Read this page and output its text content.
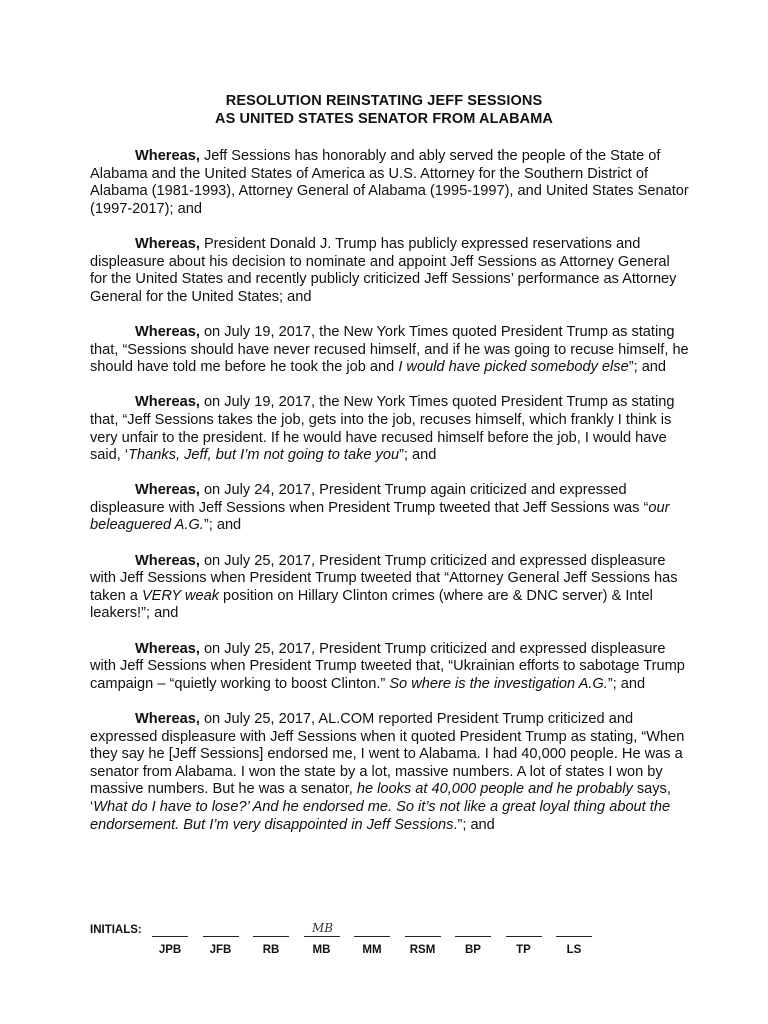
RESOLUTION REINSTATING JEFF SESSIONS
AS UNITED STATES SENATOR FROM ALABAMA

Whereas, Jeff Sessions has honorably and ably served the people of the State of Alabama and the United States of America as U.S. Attorney for the Southern District of Alabama (1981-1993), Attorney General of Alabama (1995-1997), and United States Senator (1997-2017); and

Whereas, President Donald J. Trump has publicly expressed reservations and displeasure about his decision to nominate and appoint Jeff Sessions as Attorney General for the United States and recently publicly criticized Jeff Sessions’ performance as Attorney General for the United States; and

Whereas, on July 19, 2017, the New York Times quoted President Trump as stating that, “Sessions should have never recused himself, and if he was going to recuse himself, he should have told me before he took the job and I would have picked somebody else”; and

Whereas, on July 19, 2017, the New York Times quoted President Trump as stating that, “Jeff Sessions takes the job, gets into the job, recuses himself, which frankly I think is very unfair to the president. If he would have recused himself before the job, I would have said, ‘Thanks, Jeff, but I’m not going to take you”; and

Whereas, on July 24, 2017, President Trump again criticized and expressed displeasure with Jeff Sessions when President Trump tweeted that Jeff Sessions was “our beleaguered A.G.”; and

Whereas, on July 25, 2017, President Trump criticized and expressed displeasure with Jeff Sessions when President Trump tweeted that “Attorney General Jeff Sessions has taken a VERY weak position on Hillary Clinton crimes (where are & DNC server) & Intel leakers!”; and

Whereas, on July 25, 2017, President Trump criticized and expressed displeasure with Jeff Sessions when President Trump tweeted that, “Ukrainian efforts to sabotage Trump campaign – “quietly working to boost Clinton.” So where is the investigation A.G.”; and

Whereas, on July 25, 2017, AL.COM reported President Trump criticized and expressed displeasure with Jeff Sessions when it quoted President Trump as stating, “When they say he [Jeff Sessions] endorsed me, I went to Alabama. I had 40,000 people. He was a senator from Alabama. I won the state by a lot, massive numbers. A lot of states I won by massive numbers. But he was a senator, he looks at 40,000 people and he probably says, ‘What do I have to lose?’ And he endorsed me. So it’s not like a great loyal thing about the endorsement. But I’m very disappointed in Jeff Sessions.”; and

INITIALS:
JPB	JFB	RB
MB
MB	MM	RSM	BP	TP	LS
